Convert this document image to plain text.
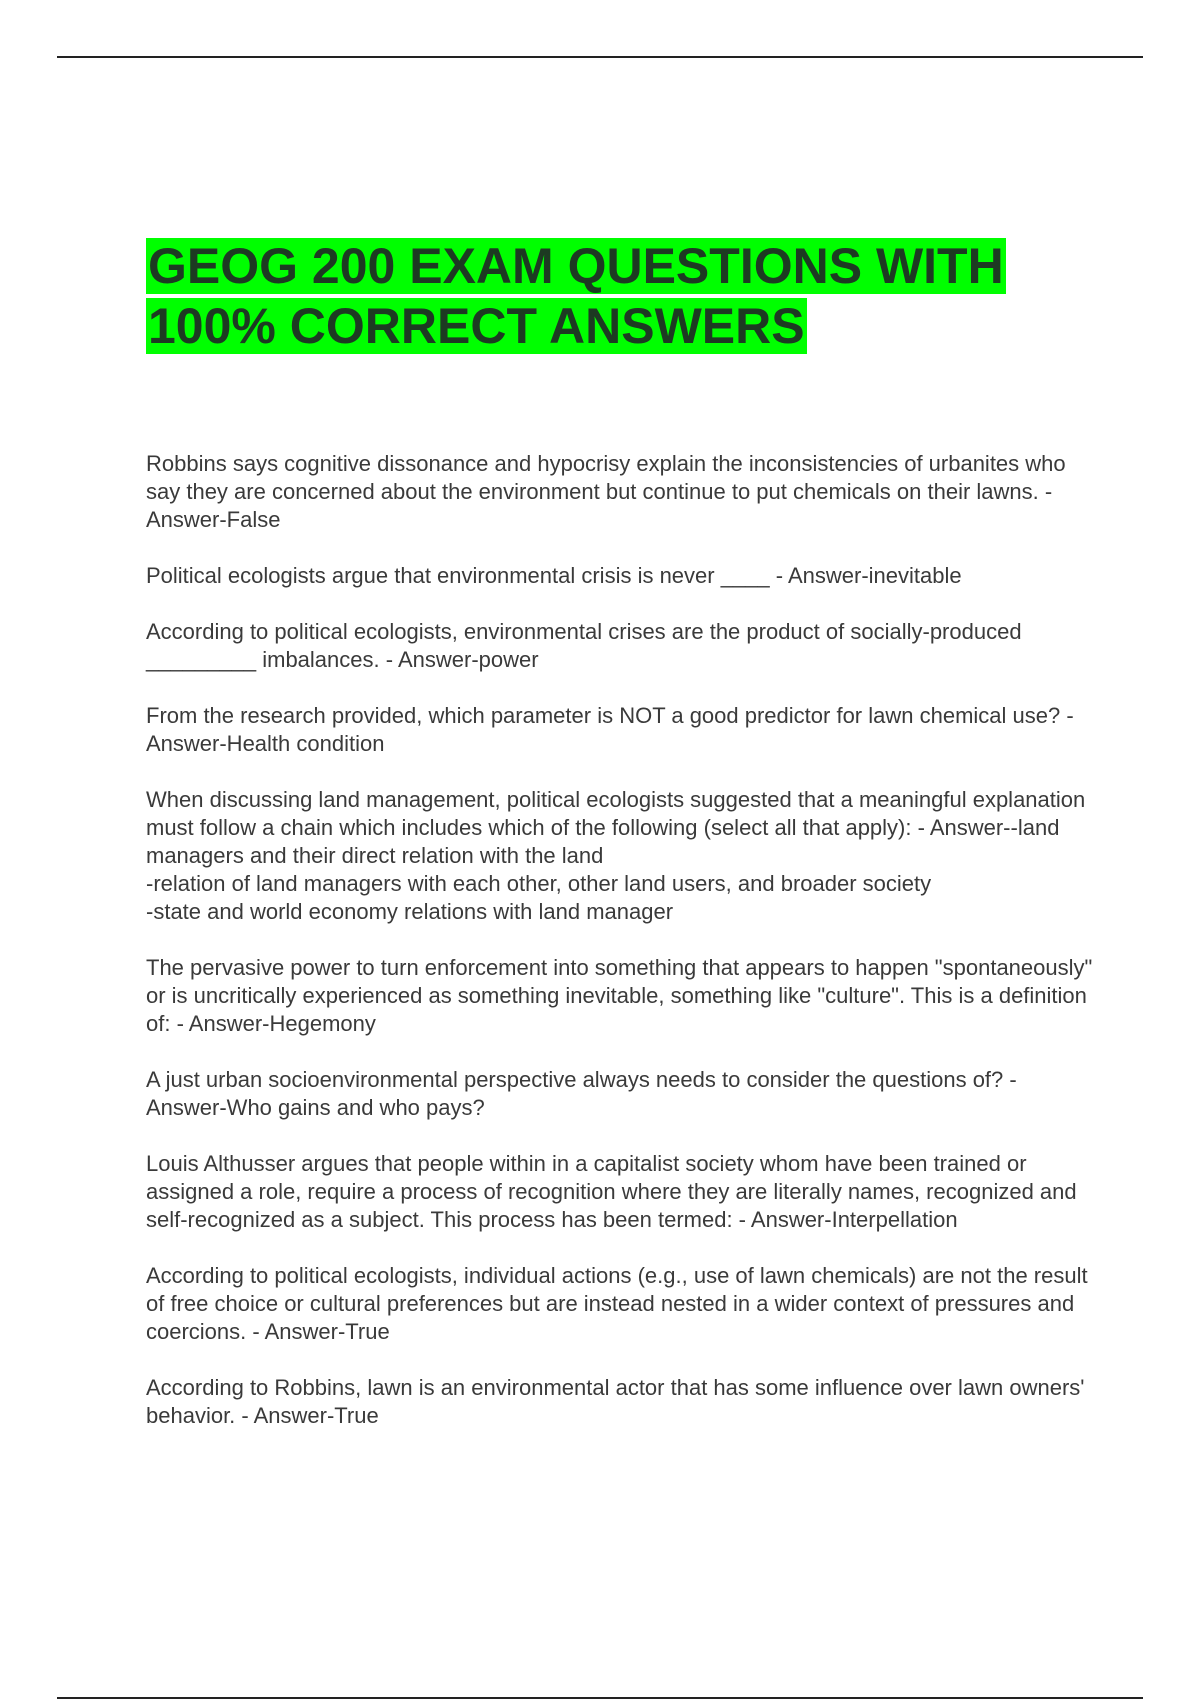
GEOG 200 EXAM QUESTIONS WITH 100% CORRECT ANSWERS
Robbins says cognitive dissonance and hypocrisy explain the inconsistencies of urbanites who say they are concerned about the environment but continue to put chemicals on their lawns. - Answer-False
Political ecologists argue that environmental crisis is never ____ - Answer-inevitable
According to political ecologists, environmental crises are the product of socially-produced _________ imbalances. - Answer-power
From the research provided, which parameter is NOT a good predictor for lawn chemical use? - Answer-Health condition
When discussing land management, political ecologists suggested that a meaningful explanation must follow a chain which includes which of the following (select all that apply): - Answer--land managers and their direct relation with the land
-relation of land managers with each other, other land users, and broader society
-state and world economy relations with land manager
The pervasive power to turn enforcement into something that appears to happen "spontaneously" or is uncritically experienced as something inevitable, something like "culture". This is a definition of: - Answer-Hegemony
A just urban socioenvironmental perspective always needs to consider the questions of? - Answer-Who gains and who pays?
Louis Althusser argues that people within in a capitalist society whom have been trained or assigned a role, require a process of recognition where they are literally names, recognized and self-recognized as a subject. This process has been termed: - Answer-Interpellation
According to political ecologists, individual actions (e.g., use of lawn chemicals) are not the result of free choice or cultural preferences but are instead nested in a wider context of pressures and coercions. - Answer-True
According to Robbins, lawn is an environmental actor that has some influence over lawn owners' behavior. - Answer-True
